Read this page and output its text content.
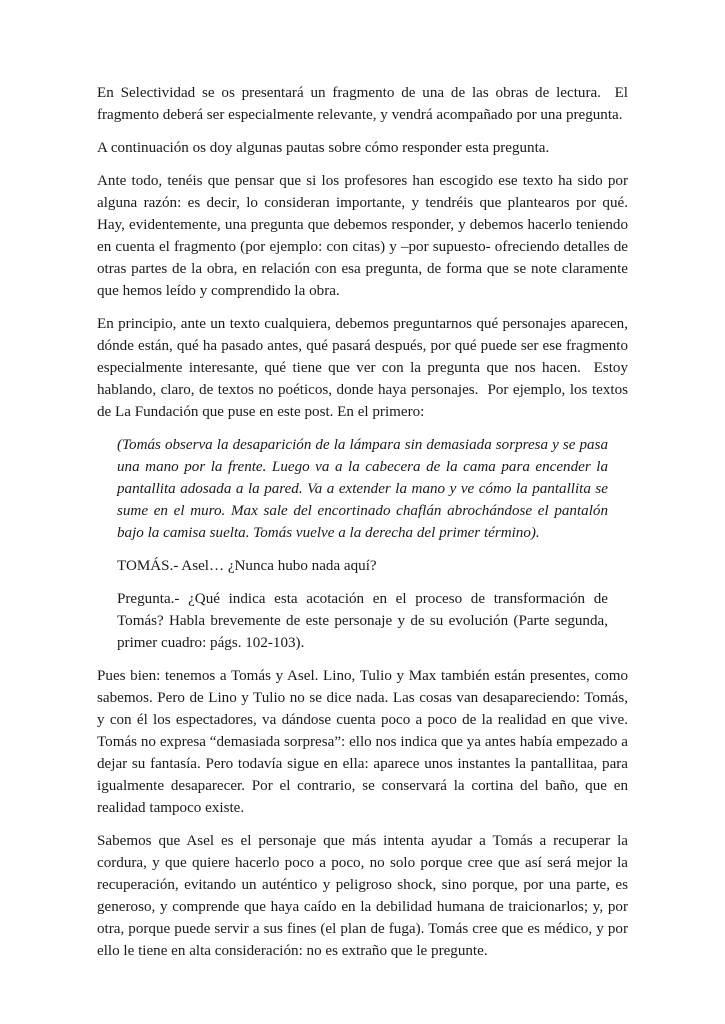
En Selectividad se os presentará un fragmento de una de las obras de lectura.  El fragmento deberá ser especialmente relevante, y vendrá acompañado por una pregunta.

A continuación os doy algunas pautas sobre cómo responder esta pregunta.

Ante todo, tenéis que pensar que si los profesores han escogido ese texto ha sido por alguna razón: es decir, lo consideran importante, y tendréis que plantearos por qué. Hay, evidentemente, una pregunta que debemos responder, y debemos hacerlo teniendo en cuenta el fragmento (por ejemplo: con citas) y –por supuesto- ofreciendo detalles de otras partes de la obra, en relación con esa pregunta, de forma que se note claramente que hemos leído y comprendido la obra.

En principio, ante un texto cualquiera, debemos preguntarnos qué personajes aparecen, dónde están, qué ha pasado antes, qué pasará después, por qué puede ser ese fragmento especialmente interesante, qué tiene que ver con la pregunta que nos hacen.  Estoy hablando, claro, de textos no poéticos, donde haya personajes.  Por ejemplo, los textos de La Fundación que puse en este post. En el primero:

(Tomás observa la desaparición de la lámpara sin demasiada sorpresa y se pasa una mano por la frente. Luego va a la cabecera de la cama para encender la pantallita adosada a la pared. Va a extender la mano y ve cómo la pantallita se sume en el muro. Max sale del encortinado chaflán abrochándose el pantalón bajo la camisa suelta. Tomás vuelve a la derecha del primer término).

TOMÁS.- Asel… ¿Nunca hubo nada aquí?

Pregunta.- ¿Qué indica esta acotación en el proceso de transformación de Tomás? Habla brevemente de este personaje y de su evolución (Parte segunda, primer cuadro: págs. 102-103).

Pues bien: tenemos a Tomás y Asel. Lino, Tulio y Max también están presentes, como sabemos. Pero de Lino y Tulio no se dice nada. Las cosas van desapareciendo: Tomás, y con él los espectadores, va dándose cuenta poco a poco de la realidad en que vive. Tomás no expresa “demasiada sorpresa”: ello nos indica que ya antes había empezado a dejar su fantasía. Pero todavía sigue en ella: aparece unos instantes la pantallitaa, para igualmente desaparecer. Por el contrario, se conservará la cortina del baño, que en realidad tampoco existe.

Sabemos que Asel es el personaje que más intenta ayudar a Tomás a recuperar la cordura, y que quiere hacerlo poco a poco, no solo porque cree que así será mejor la recuperación, evitando un auténtico y peligroso shock, sino porque, por una parte, es generoso, y comprende que haya caído en la debilidad humana de traicionarlos; y, por otra, porque puede servir a sus fines (el plan de fuga). Tomás cree que es médico, y por ello le tiene en alta consideración: no es extraño que le pregunte.
